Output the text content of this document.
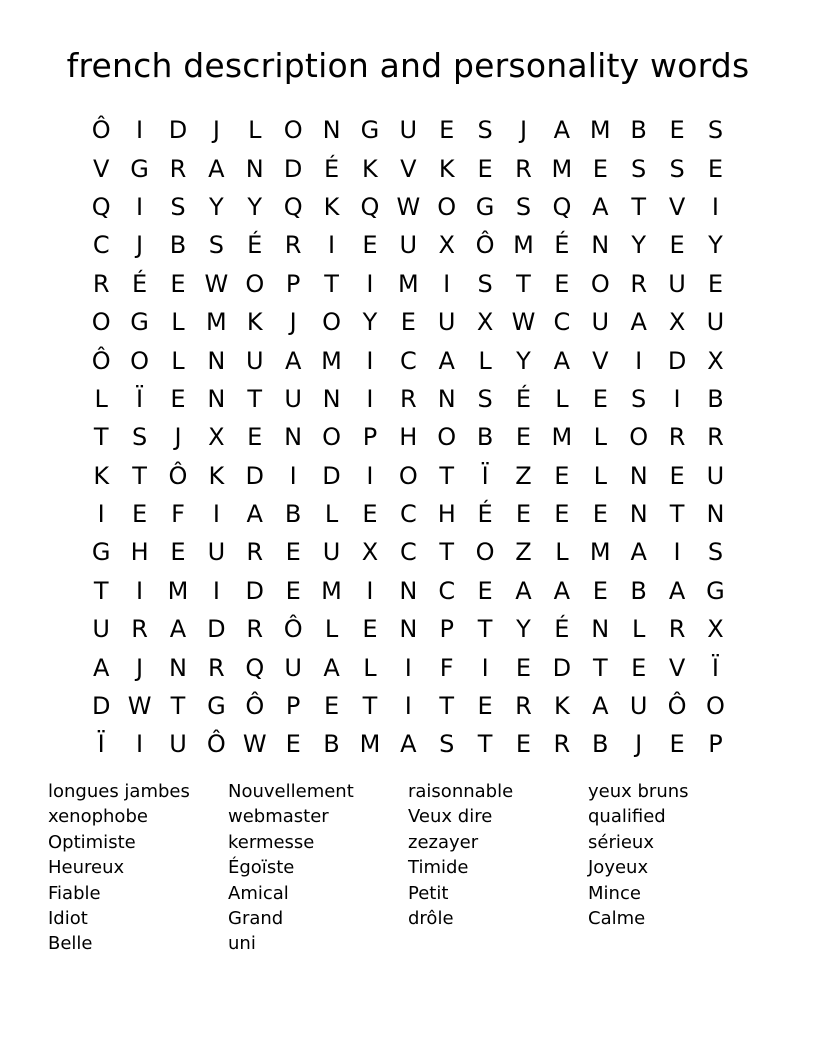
french description and personality words
Ô	I	D	J	L O N G U E S	J	A M B E S
V G R A N D É K V K E R M E S S E
Q	I	S Y Y Q K Q W O G S Q A T V	I
C	J	B S É R	I	E U X Ô M É N Y E Y
R É E W O P T	I	M	I	S T E O R U E
O G L M K	J	O Y E U X W C U A X U
Ô O L N U A M	I	C A L	Y A V	I	D X
L	Ï	E N T U N	I	R N S É	L	E S	I	B
T S	J	X E N O P H O B E M L O R R
K T Ô K D	I	D	I	O T	Ï	Z E	L N E U
I	E F	I	A B L	E C H É E E E N T N
G H E U R E U X C T O Z L M A	I	S
T	I	M	I	D E M	I	N C E A A E B A G
U R A D R Ô L	E N P T Y É N L R X
A	J	N R Q U A L	I	F	I	E D T E V	Ï
D W T G Ô P E T	I	T E R K A U Ô O
Ï	I	U Ô W E B M A S T E R B	J	E P
longues jambes	Nouvellement	raisonnable	yeux bruns
xenophobe	webmaster	Veux dire	qualified
Optimiste	kermesse	zezayer	sérieux
Heureux	Égoïste	Timide	Joyeux
Fiable	Amical	Petit	Mince
Idiot	Grand	drôle	Calme
Belle	uni
